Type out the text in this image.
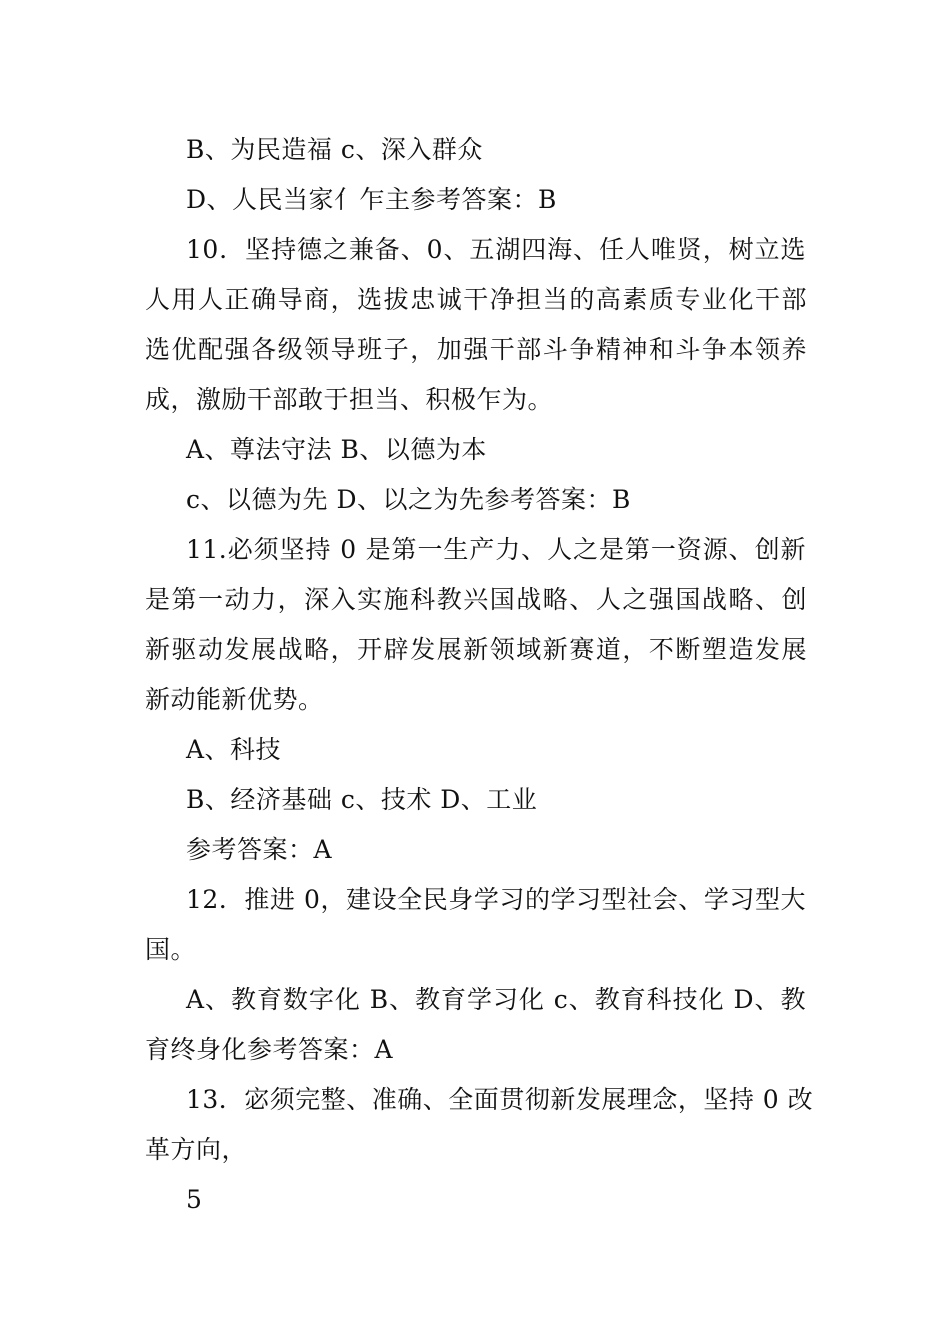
B、为民造福 c、深入群众
D、人民当家亻乍主参考答案：B
10．坚持德之兼备、0、五湖四海、任人唯贤，树立选
人用人正确导商，选拔忠诚干净担当的高素质专业化干部
选优配强各级领导班子，加强干部斗争精神和斗争本领养
成，激励干部敢于担当、积极乍为。
A、尊法守法 B、以德为本
c、以德为先 D、以之为先参考答案：B
11.必须坚持 0 是第一生产力、人之是第一资源、创新
是第一动力，深入实施科教兴国战略、人之强国战略、创
新驱动发展战略，开辟发展新领域新赛道，不断塑造发展
新动能新优势。
A、科技
B、经济基础 c、技术 D、工业
参考答案：A
12．推进 0，建设全民身学习的学习型社会、学习型大
国。
A、教育数字化 B、教育学习化 c、教育科技化 D、教
育终身化参考答案：A
13．宓须完整、准确、全面贯彻新发展理念，坚持 0 改
革方向，
5
